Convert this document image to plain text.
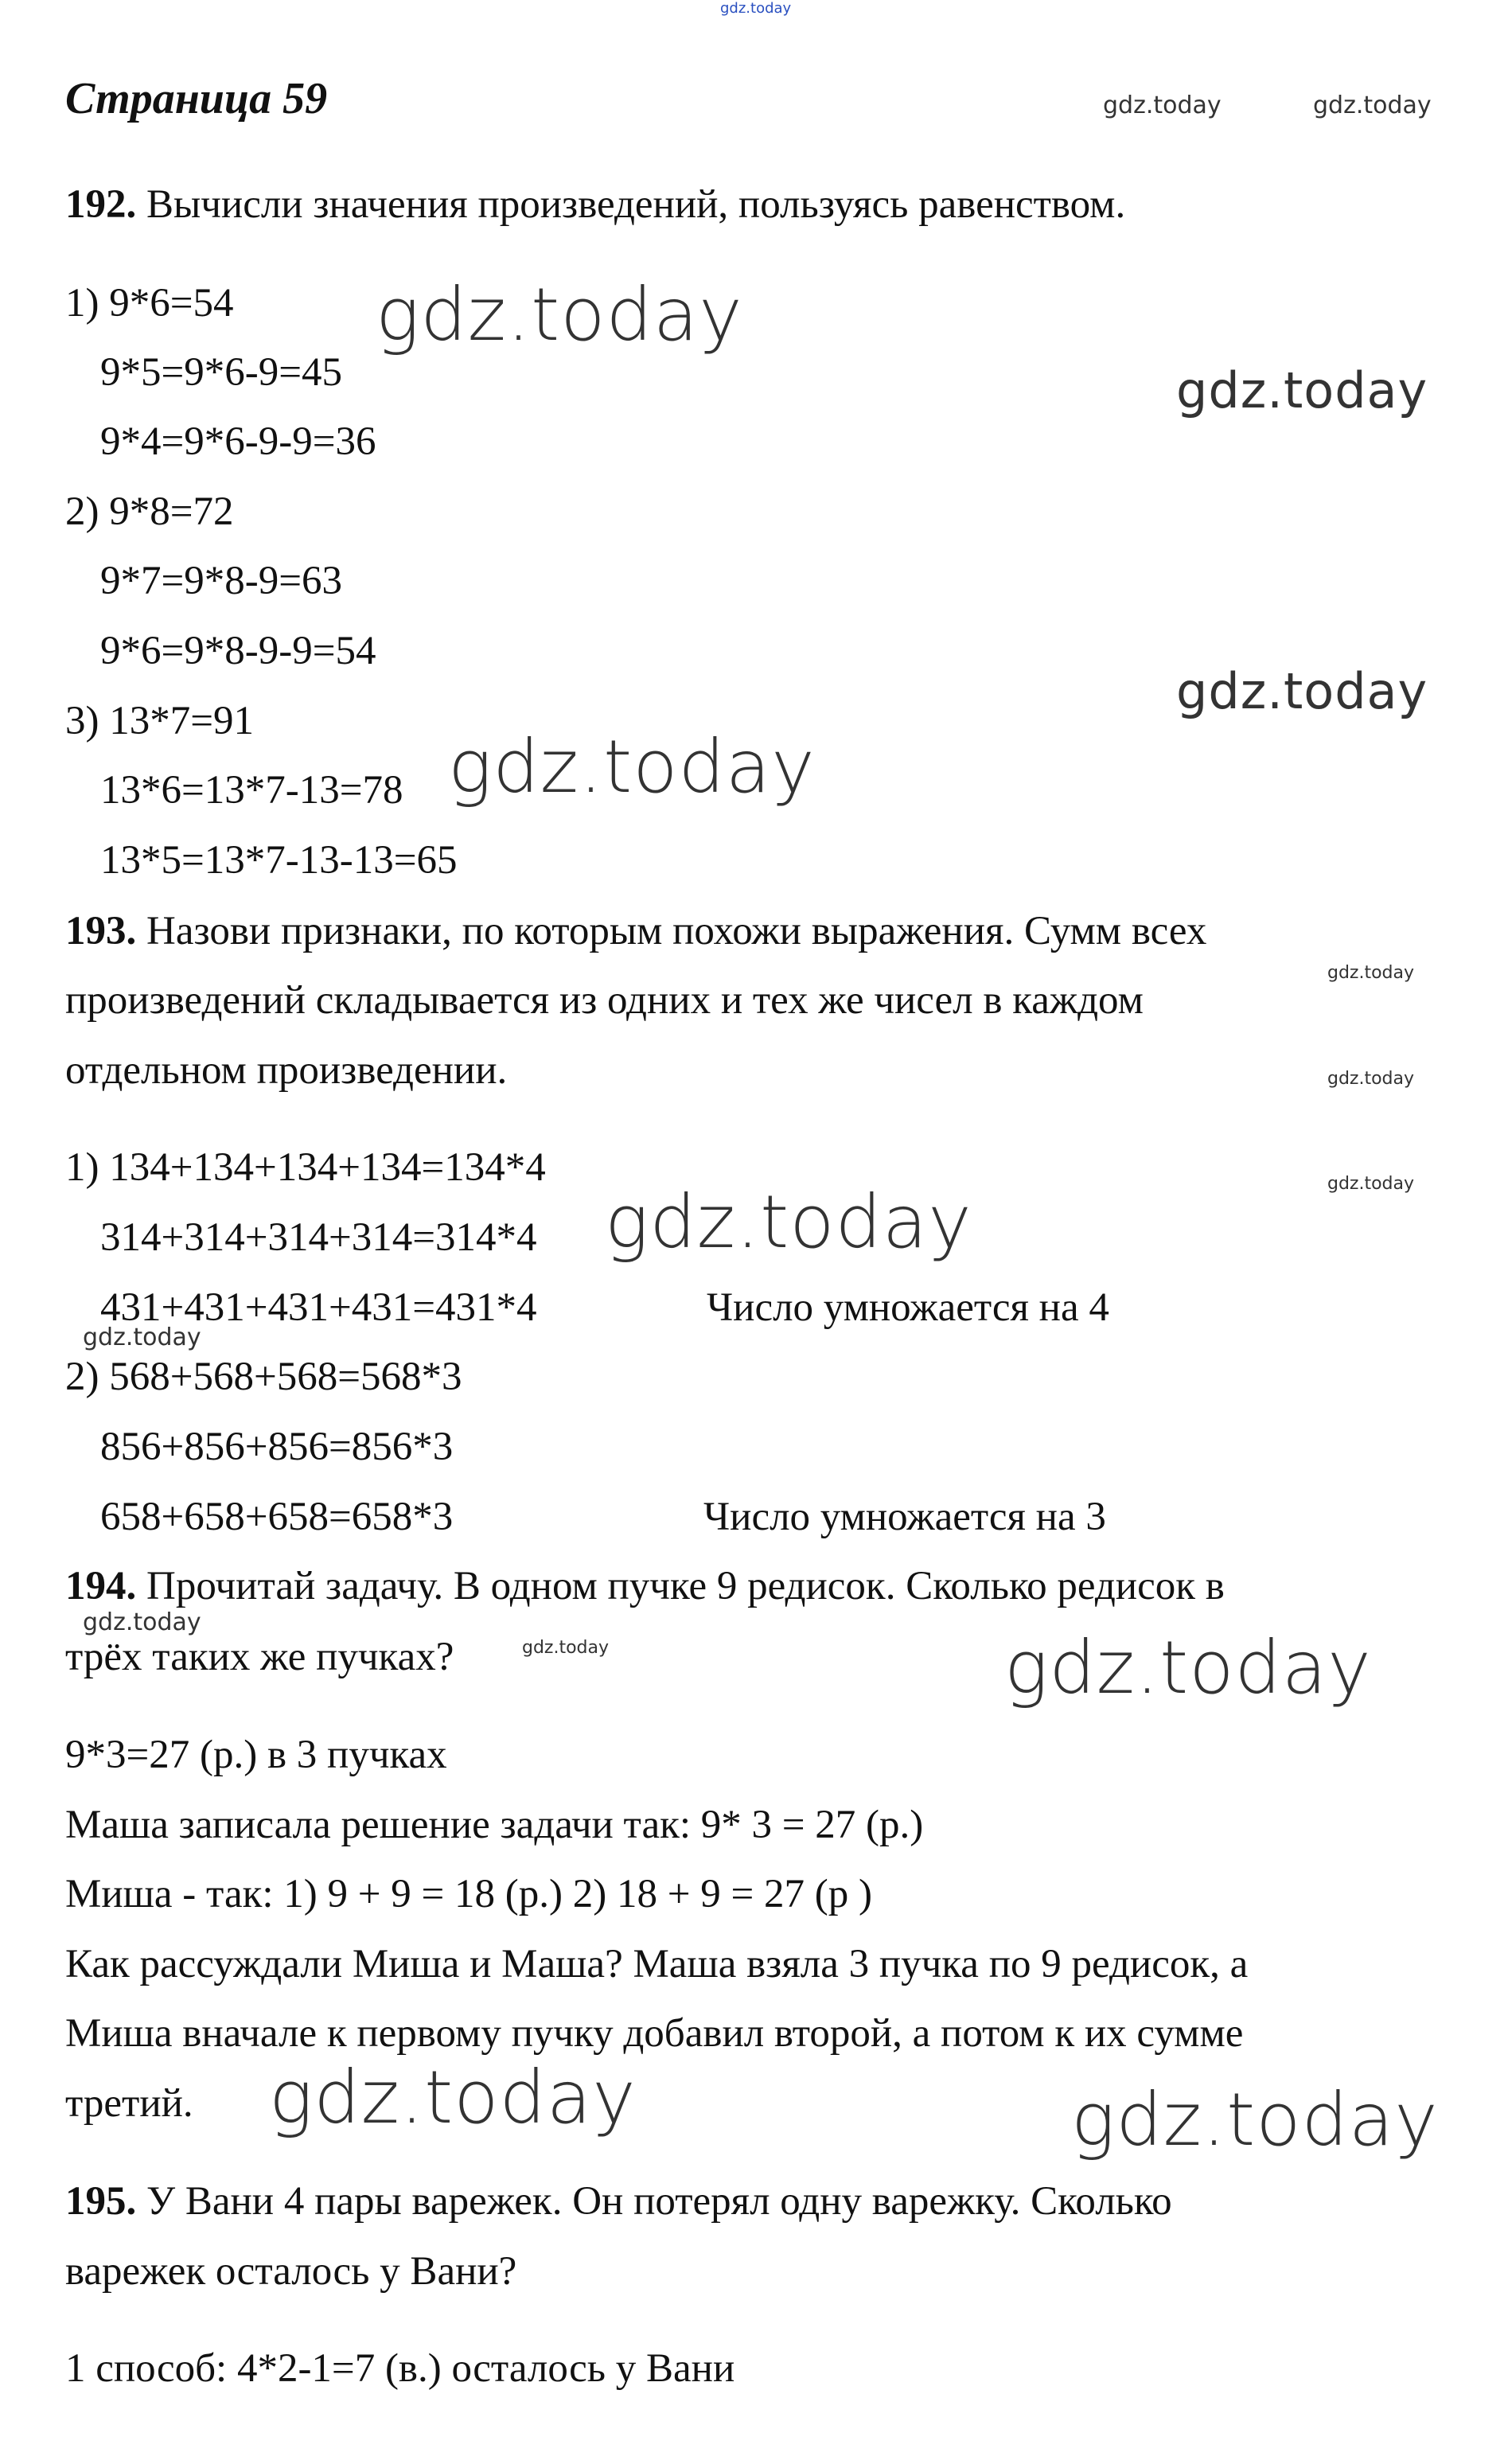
gdz.today
Страница 59	gdz.today	gdz.today
192. Вычисли значения произведений, пользуясь равенством.
1) 9*6=54
9*5=9*6-9=45
9*4=9*6-9-9=36
2) 9*8=72
9*7=9*8-9=63
9*6=9*8-9-9=54
3) 13*7=91
13*6=13*7-13=78
13*5=13*7-13-13=65
gdz.today
gdz.today
gdz.today
gdz.today
193. Назови признаки, по которым похожи выражения. Сумм всех
произведений складывается из одних и тех же чисел в каждом
отдельном произведении.
gdz.today
gdz.today
gdz.today
1) 134+134+134+134=134*4
314+314+314+314=314*4
431+431+431+431=431*4	Число умножается на 4
2) 568+568+568=568*3
856+856+856=856*3
658+658+658=658*3	Число умножается на 3
gdz.today
gdz.today
194. Прочитай задачу. В одном пучке 9 редисок. Сколько редисок в
трёх таких же пучках?
gdz.today
gdz.today	gdz.today
9*3=27 (р.) в 3 пучках
Маша записала решение задачи так: 9* 3 = 27 (р.)
Миша - так: 1) 9 + 9 = 18 (р.) 2) 18 + 9 = 27 (р )
Как рассуждали Миша и Маша? Маша взяла 3 пучка по 9 редисок, а
Миша вначале к первому пучку добавил второй, а потом к их сумме
третий. gdz.today	gdz.today
195. У Вани 4 пары варежек. Он потерял одну варежку. Сколько
варежек осталось у Вани?
1 способ: 4*2-1=7 (в.) осталось у Вани
